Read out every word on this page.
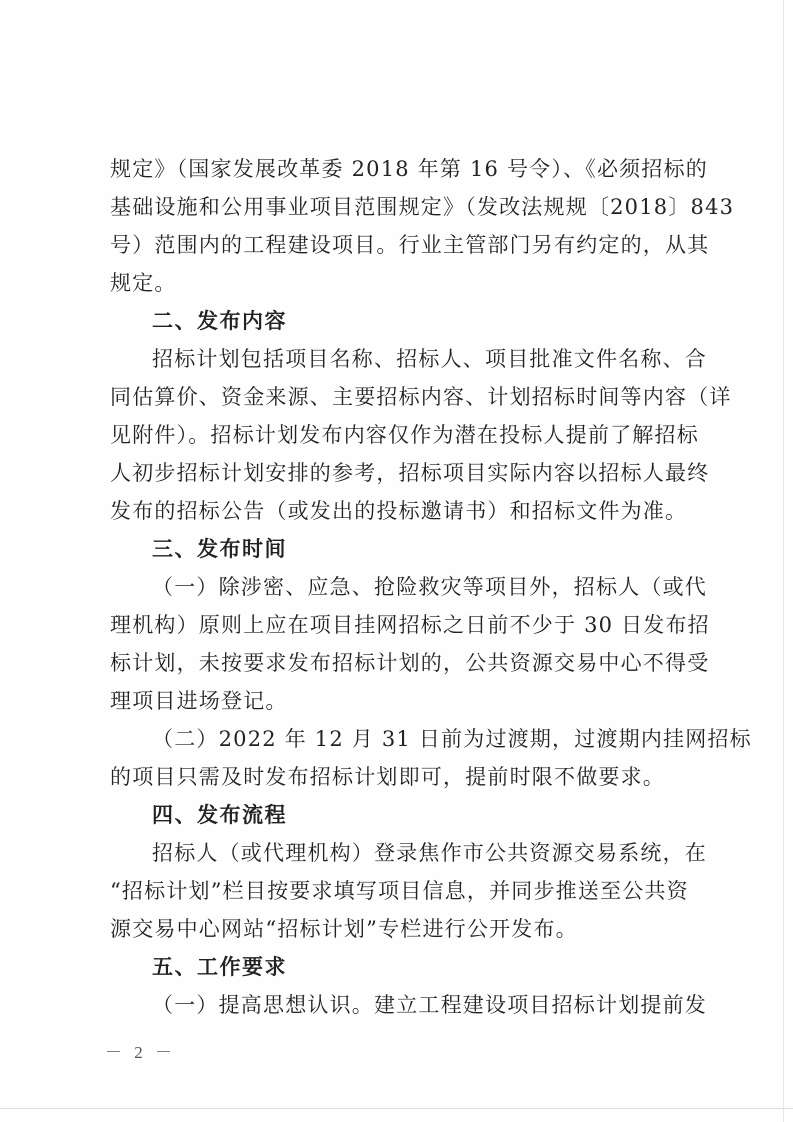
规定》（国家发展改革委 2018 年第 16 号令）、《必须招标的
基础设施和公用事业项目范围规定》（发改法规规〔2018〕843
号）范围内的工程建设项目。行业主管部门另有约定的，从其
规定。
二、发布内容
招标计划包括项目名称、招标人、项目批准文件名称、合
同估算价、资金来源、主要招标内容、计划招标时间等内容（详
见附件）。招标计划发布内容仅作为潜在投标人提前了解招标
人初步招标计划安排的参考，招标项目实际内容以招标人最终
发布的招标公告（或发出的投标邀请书）和招标文件为准。
三、发布时间
（一）除涉密、应急、抢险救灾等项目外，招标人（或代
理机构）原则上应在项目挂网招标之日前不少于 30 日发布招
标计划，未按要求发布招标计划的，公共资源交易中心不得受
理项目进场登记。
（二）2022 年 12 月 31 日前为过渡期，过渡期内挂网招标
的项目只需及时发布招标计划即可，提前时限不做要求。
四、发布流程
招标人（或代理机构）登录焦作市公共资源交易系统，在
“招标计划”栏目按要求填写项目信息，并同步推送至公共资
源交易中心网站“招标计划”专栏进行公开发布。
五、工作要求
（一）提高思想认识。建立工程建设项目招标计划提前发
－ 2 －
